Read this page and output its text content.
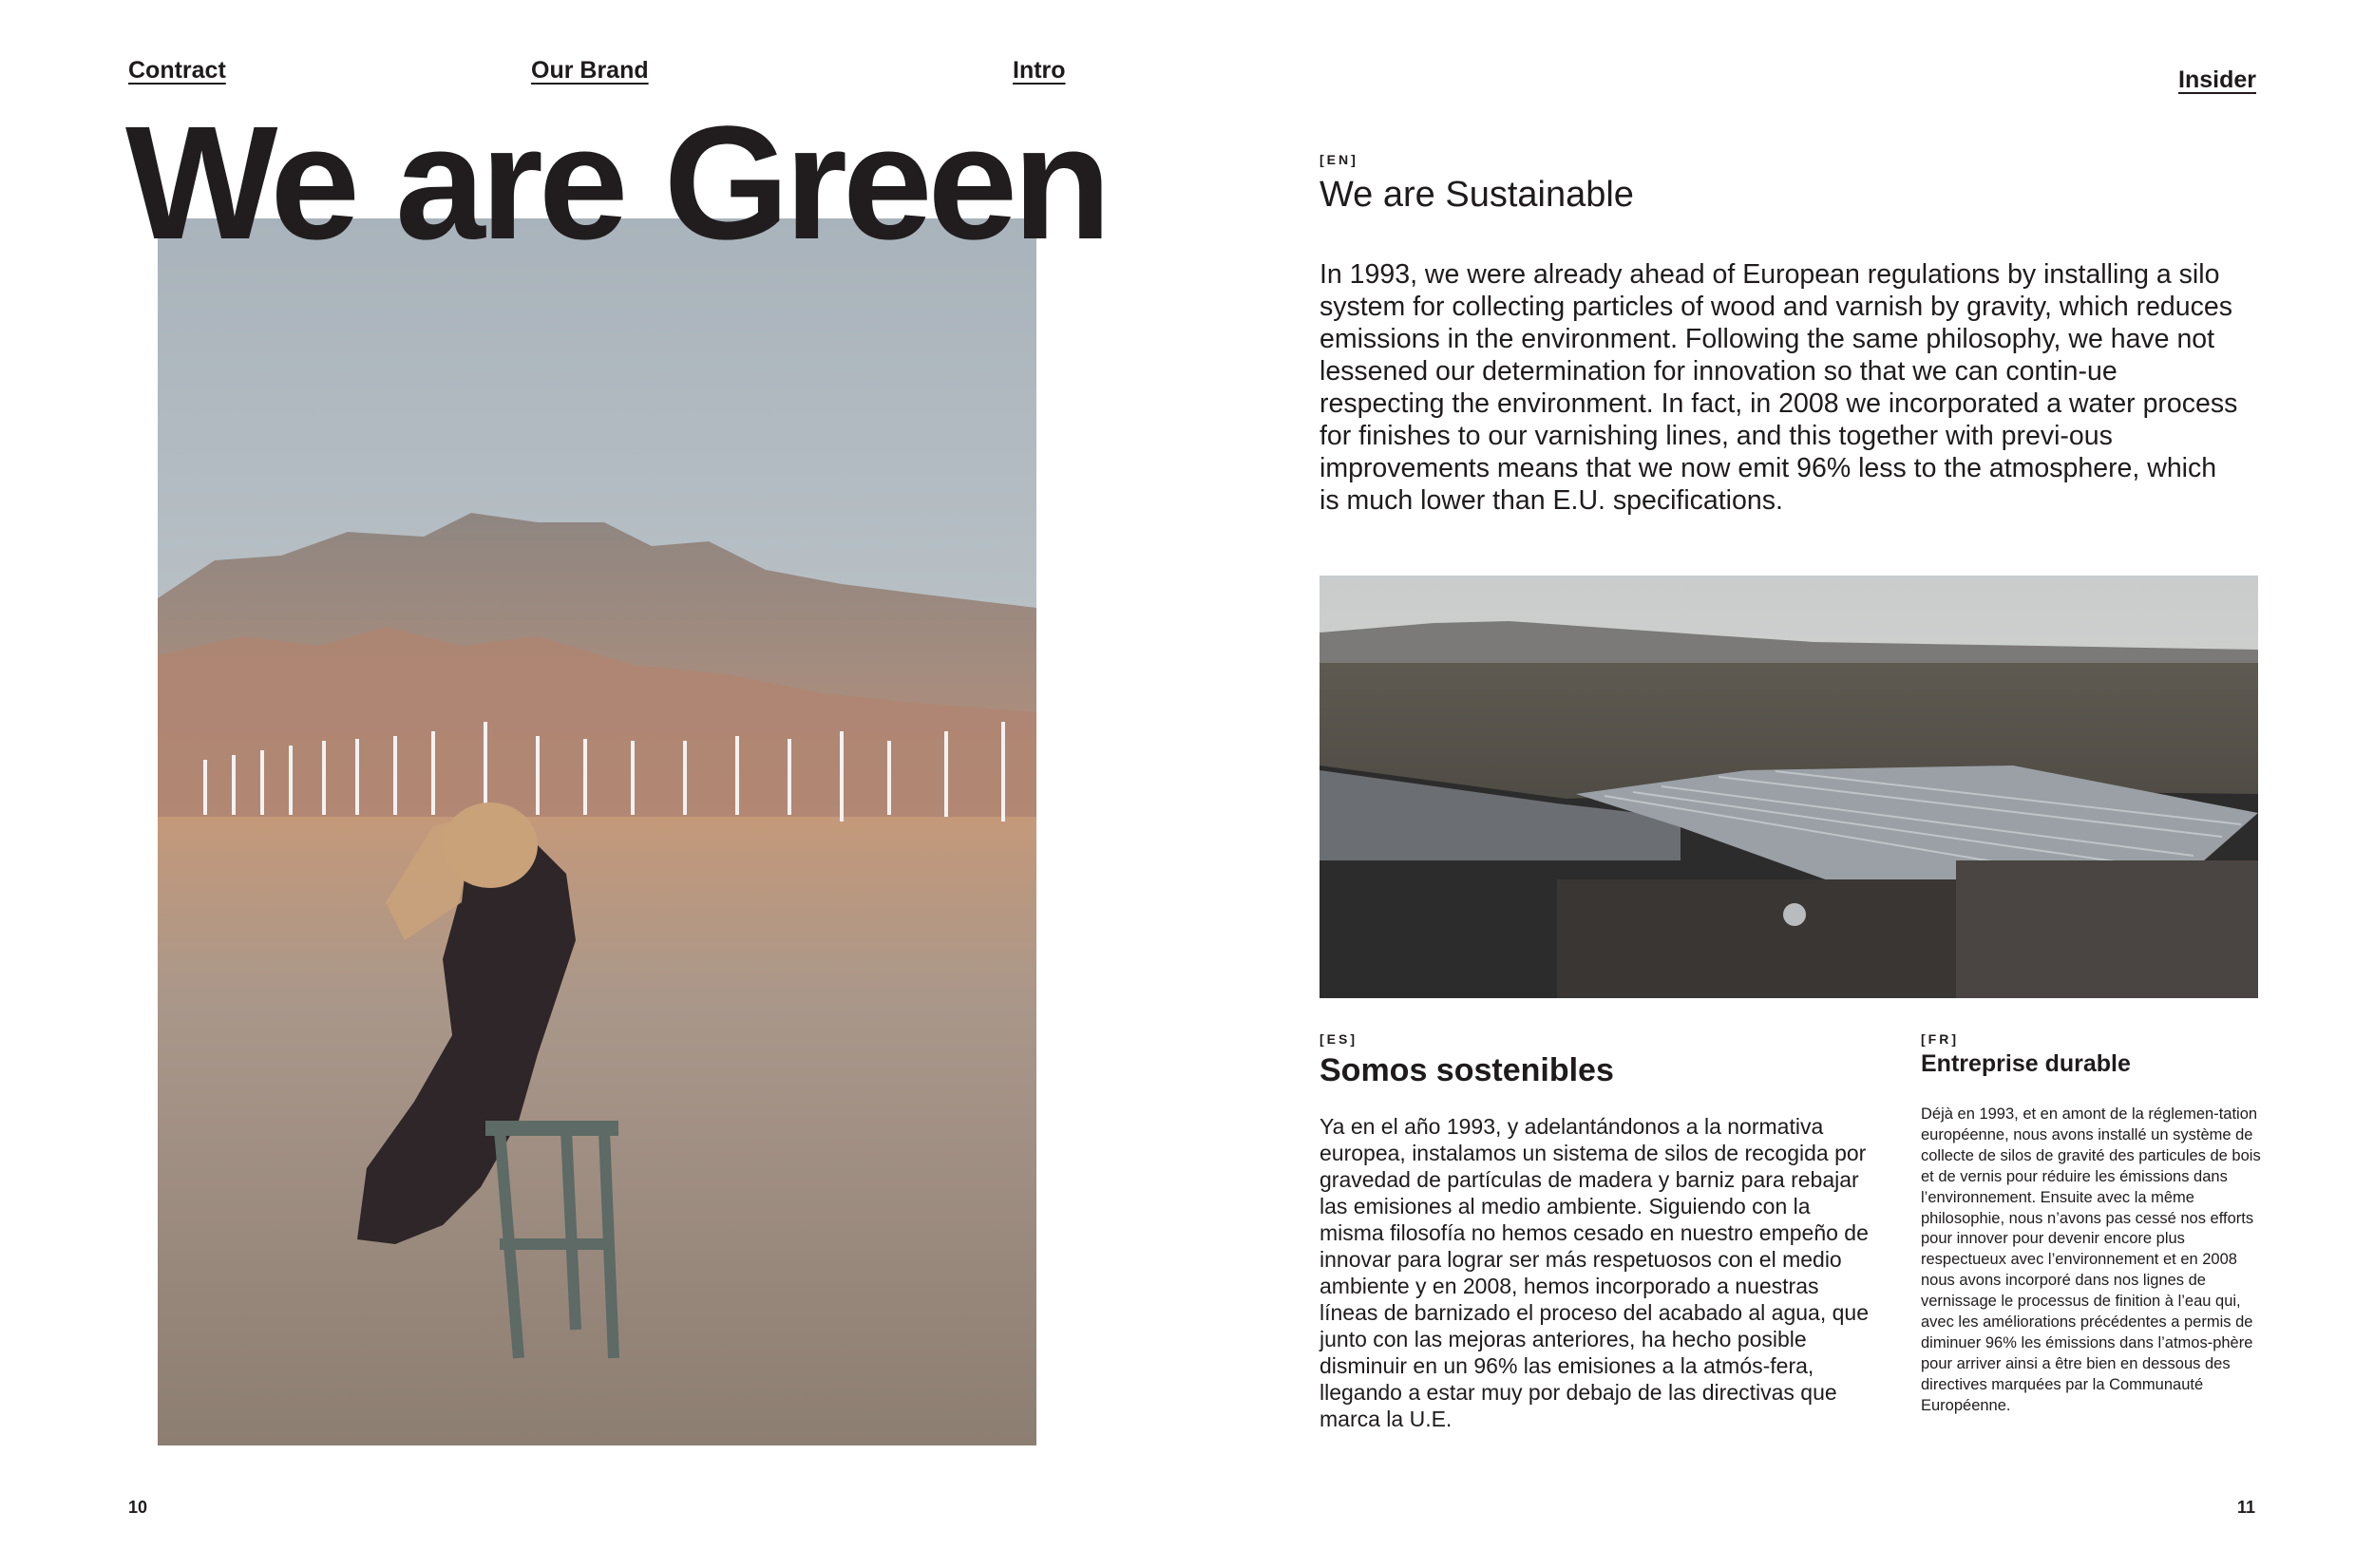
Contract	Our Brand	Intro	Insider
We are Green	[EN]
We are Sustainable

In 1993, we were already ahead of European regulations by installing a silo system for collecting particles of wood and varnish by gravity, which reduces emissions in the environment. Following the same philosophy, we have not lessened our determination for innovation so that we can contin-ue respecting the environment. In fact, in 2008 we incorporated a water process for finishes to our varnishing lines, and this together with previ-ous improvements means that we now emit 96% less to the atmosphere, which is much lower than E.U. specifications.

[ES]
Somos sostenibles

Ya en el año 1993, y adelantándonos a la normativa europea, instalamos un sistema de silos de recogida por gravedad de partículas de madera y barniz para rebajar las emisiones al medio ambiente. Siguiendo con la misma filosofía no hemos cesado en nuestro empeño de innovar para lograr ser más respetuosos con el medio ambiente y en 2008, hemos incorporado a nuestras líneas de barnizado el proceso del acabado al agua, que junto con las mejoras anteriores, ha hecho posible disminuir en un 96% las emisiones a la atmós-fera, llegando a estar muy por debajo de las directivas que marca la U.E.

[FR]
Entreprise durable

Déjà en 1993, et en amont de la réglemen-tation européenne, nous avons installé un système de collecte de silos de gravité des particules de bois et de vernis pour réduire les émissions dans l’environnement. Ensuite avec la même philosophie, nous n’avons pas cessé nos efforts pour innover pour devenir encore plus respectueux avec l’environnement et en 2008 nous avons incorporé dans nos lignes de vernissage le processus de finition à l’eau qui, avec les améliorations précédentes a permis de diminuer 96% les émissions dans l’atmos-phère pour arriver ainsi a être bien en dessous des directives marquées par la Communauté Européenne.

10	11
